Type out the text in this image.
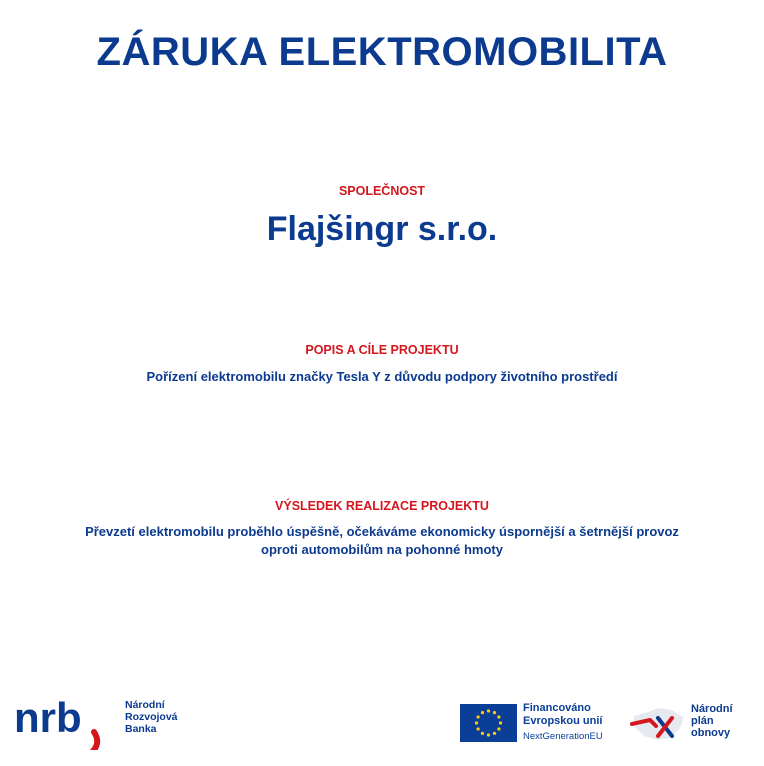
ZÁRUKA ELEKTROMOBILITA
SPOLEČNOST
Flajšingr s.r.o.
POPIS A CÍLE PROJEKTU
Pořízení elektromobilu značky Tesla Y z důvodu podpory životního prostředí
VÝSLEDEK REALIZACE PROJEKTU
Převzetí elektromobilu proběhlo úspěšně, očekáváme ekonomicky úspornější a šetrnější provoz
oproti automobilům na pohonné hmoty
nrb	Národní
Rozvojová
Banka
Financováno
Evropskou unií
NextGenerationEU
Národní
plán
obnovy
